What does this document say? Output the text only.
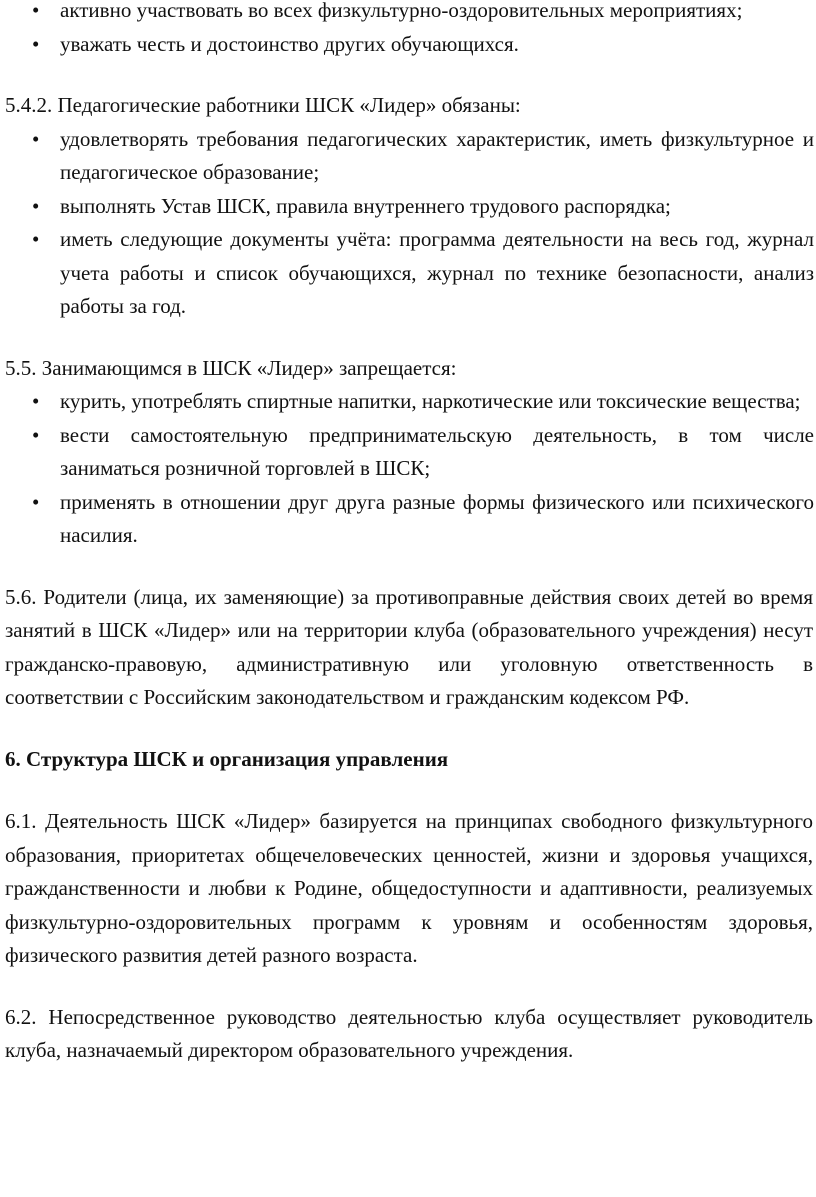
• активно участвовать во всех физкультурно-оздоровительных мероприятиях;
• уважать честь и достоинство других обучающихся.

5.4.2. Педагогические работники ШСК «Лидер» обязаны:

• удовлетворять требования педагогических характеристик, иметь физкультурное и педагогическое образование;
• выполнять Устав ШСК, правила внутреннего трудового распорядка;
• иметь следующие документы учёта: программа деятельности на весь год, журнал учета работы и список обучающихся, журнал по технике безопасности, анализ работы за год.

5.5. Занимающимся в ШСК «Лидер» запрещается:

• курить, употреблять спиртные напитки, наркотические или токсические вещества;
• вести самостоятельную предпринимательскую деятельность, в том числе заниматься розничной торговлей в ШСК;
• применять в отношении друг друга разные формы физического или психического насилия.

5.6. Родители (лица, их заменяющие) за противоправные действия своих детей во время занятий в ШСК «Лидер» или на территории клуба (образовательного учреждения) несут гражданско-правовую, административную или уголовную ответственность в соответствии с Российским законодательством и гражданским кодексом РФ.

6. Структура ШСК и организация управления

6.1. Деятельность ШСК «Лидер» базируется на принципах свободного физкультурного образования, приоритетах общечеловеческих ценностей, жизни и здоровья учащихся, гражданственности и любви к Родине, общедоступности и адаптивности, реализуемых физкультурно-оздоровительных программ к уровням и особенностям здоровья, физического развития детей разного возраста.

6.2. Непосредственное руководство деятельностью клуба осуществляет руководитель клуба, назначаемый директором образовательного учреждения.
